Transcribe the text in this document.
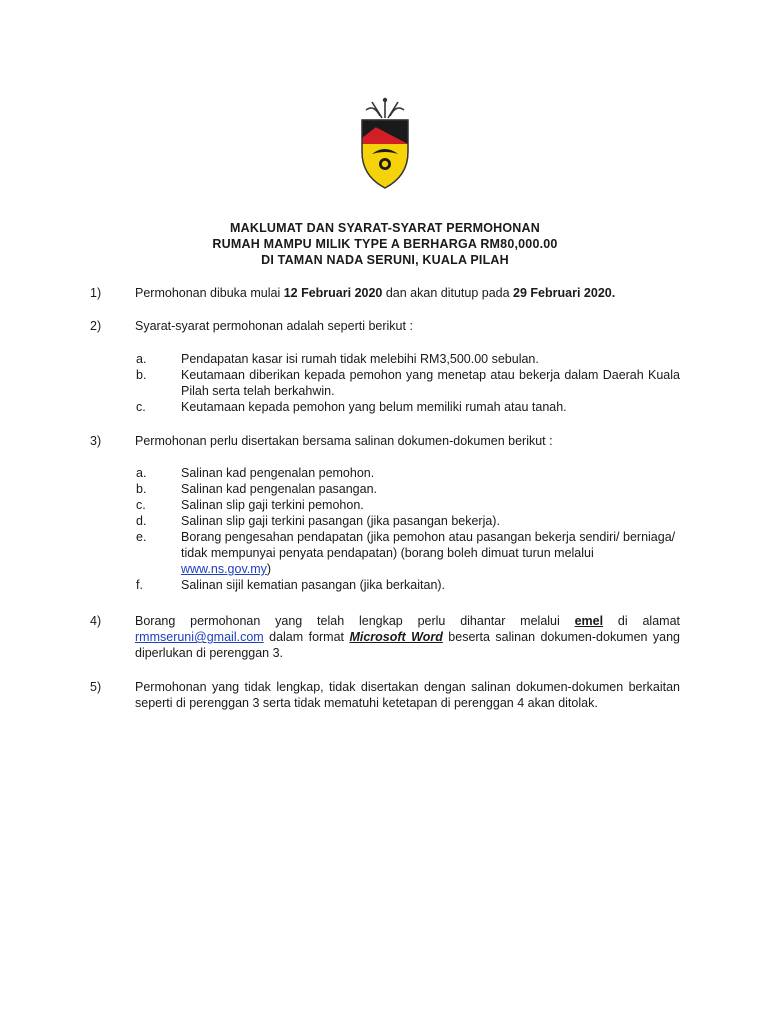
MAKLUMAT DAN SYARAT-SYARAT PERMOHONAN
RUMAH MAMPU MILIK TYPE A BERHARGA RM80,000.00
DI TAMAN NADA SERUNI, KUALA PILAH
1)	Permohonan dibuka mulai 12 Februari 2020 dan akan ditutup pada 29 Februari 2020.
2)	Syarat-syarat permohonan adalah seperti berikut :
a.	Pendapatan kasar isi rumah tidak melebihi RM3,500.00 sebulan.
b.	Keutamaan diberikan kepada pemohon yang menetap atau bekerja dalam Daerah Kuala Pilah serta telah berkahwin.
c.	Keutamaan kepada pemohon yang belum memiliki rumah atau tanah.
3)	Permohonan perlu disertakan bersama salinan dokumen-dokumen berikut :
a.	Salinan kad pengenalan pemohon.
b.	Salinan kad pengenalan pasangan.
c.	Salinan slip gaji terkini pemohon.
d.	Salinan slip gaji terkini pasangan (jika pasangan bekerja).
e.	Borang pengesahan pendapatan (jika pemohon atau pasangan bekerja sendiri/ berniaga/ tidak mempunyai penyata pendapatan) (borang boleh dimuat turun melalui www.ns.gov.my)
f.	Salinan sijil kematian pasangan (jika berkaitan).
4)	Borang permohonan yang telah lengkap perlu dihantar melalui emel di alamat rmmseruni@gmail.com dalam format Microsoft Word beserta salinan dokumen-dokumen yang diperlukan di perenggan 3.
5)	Permohonan yang tidak lengkap, tidak disertakan dengan salinan dokumen-dokumen berkaitan seperti di perenggan 3 serta tidak mematuhi ketetapan di perenggan 4 akan ditolak.
